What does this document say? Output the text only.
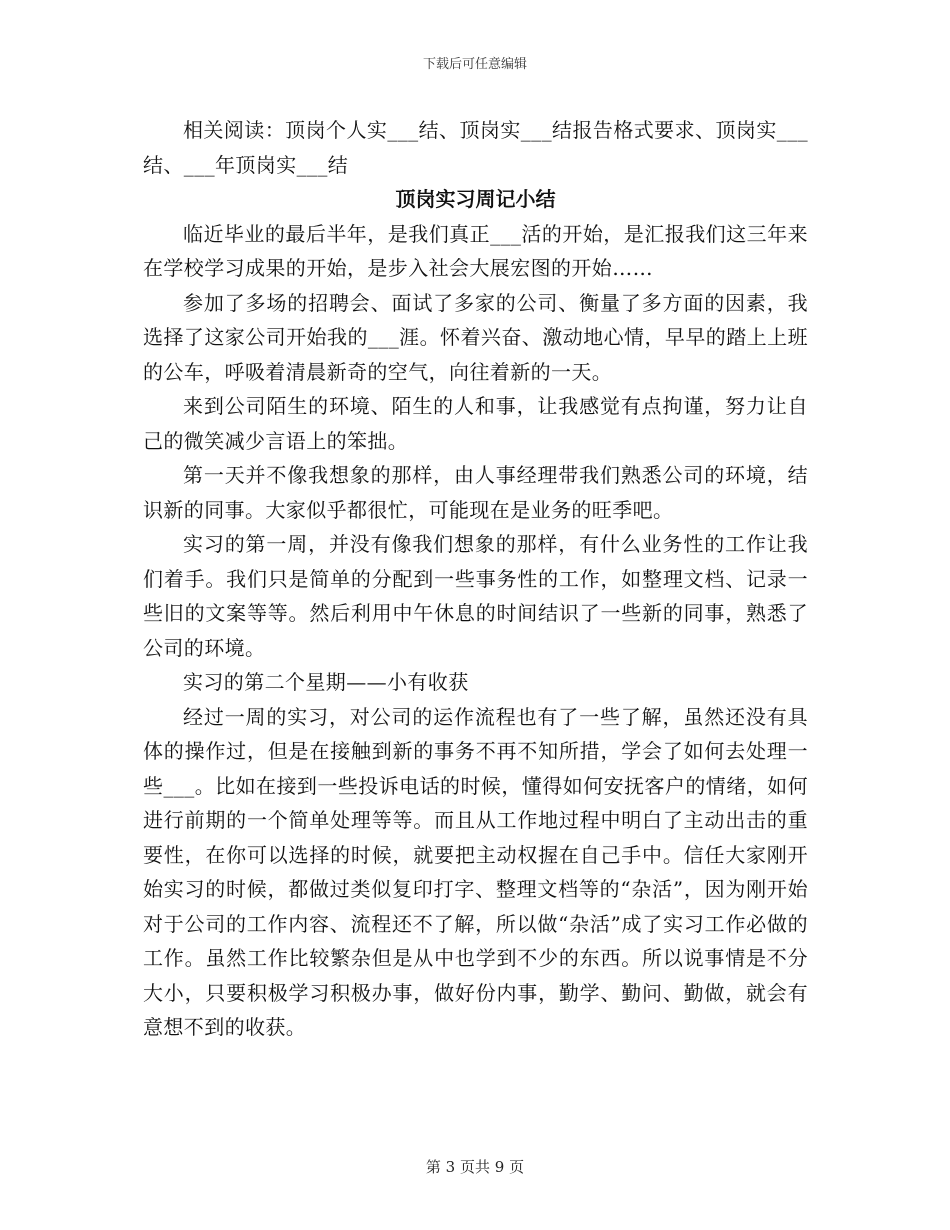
下载后可任意编辑

相关阅读：顶岗个人实___结、顶岗实___结报告格式要求、顶岗实___结、___年顶岗实___结

顶岗实习周记小结

临近毕业的最后半年，是我们真正___活的开始，是汇报我们这三年来在学校学习成果的开始，是步入社会大展宏图的开始……

参加了多场的招聘会、面试了多家的公司、衡量了多方面的因素，我选择了这家公司开始我的___涯。怀着兴奋、激动地心情，早早的踏上上班的公车，呼吸着清晨新奇的空气，向往着新的一天。

来到公司陌生的环境、陌生的人和事，让我感觉有点拘谨，努力让自己的微笑减少言语上的笨拙。

第一天并不像我想象的那样，由人事经理带我们熟悉公司的环境，结识新的同事。大家似乎都很忙，可能现在是业务的旺季吧。

实习的第一周，并没有像我们想象的那样，有什么业务性的工作让我们着手。我们只是简单的分配到一些事务性的工作，如整理文档、记录一些旧的文案等等。然后利用中午休息的时间结识了一些新的同事，熟悉了公司的环境。

实习的第二个星期——小有收获

经过一周的实习，对公司的运作流程也有了一些了解，虽然还没有具体的操作过，但是在接触到新的事务不再不知所措，学会了如何去处理一些___。比如在接到一些投诉电话的时候，懂得如何安抚客户的情绪，如何进行前期的一个简单处理等等。而且从工作地过程中明白了主动出击的重要性，在你可以选择的时候，就要把主动权握在自己手中。信任大家刚开始实习的时候，都做过类似复印打字、整理文档等的“杂活”，因为刚开始对于公司的工作内容、流程还不了解，所以做“杂活”成了实习工作必做的工作。虽然工作比较繁杂但是从中也学到不少的东西。所以说事情是不分大小，只要积极学习积极办事，做好份内事，勤学、勤问、勤做，就会有意想不到的收获。

第 3 页共 9 页
